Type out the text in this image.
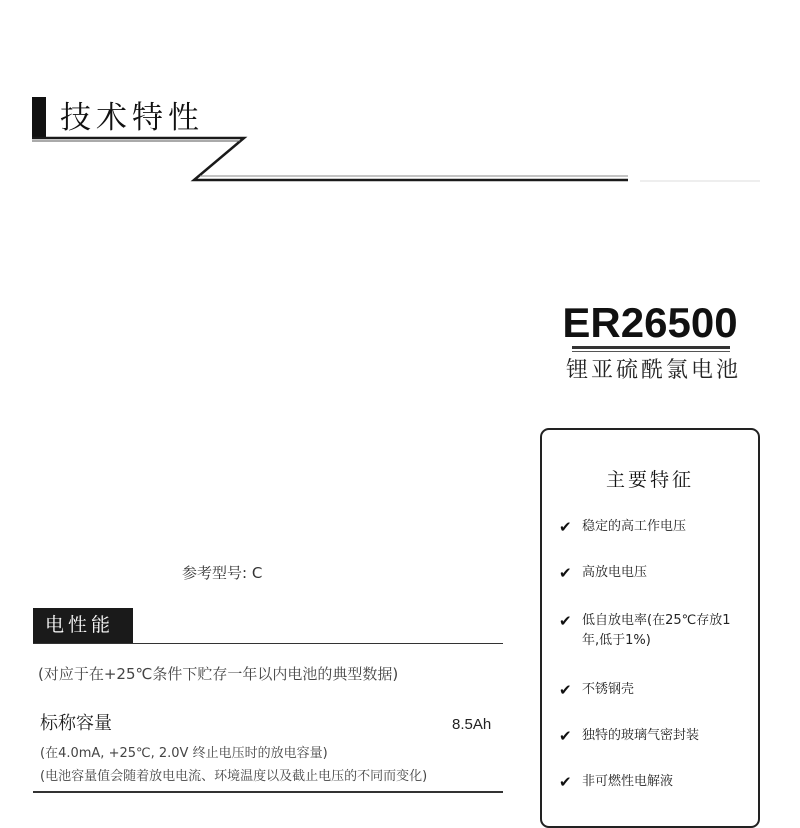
技术特性
ER26500
锂亚硫酰氯电池
主要特征
✔ 稳定的高工作电压
✔ 高放电电压
✔ 低自放电率(在25℃存放1年,低于1%)
✔ 不锈钢壳
✔ 独特的玻璃气密封装
✔ 非可燃性电解液
参考型号: C
电性能
(对应于在+25℃条件下贮存一年以内电池的典型数据)
标称容量	8.5Ah
(在4.0mA, +25℃, 2.0V 终止电压时的放电容量)
(电池容量值会随着放电电流、环境温度以及截止电压的不同而变化)
